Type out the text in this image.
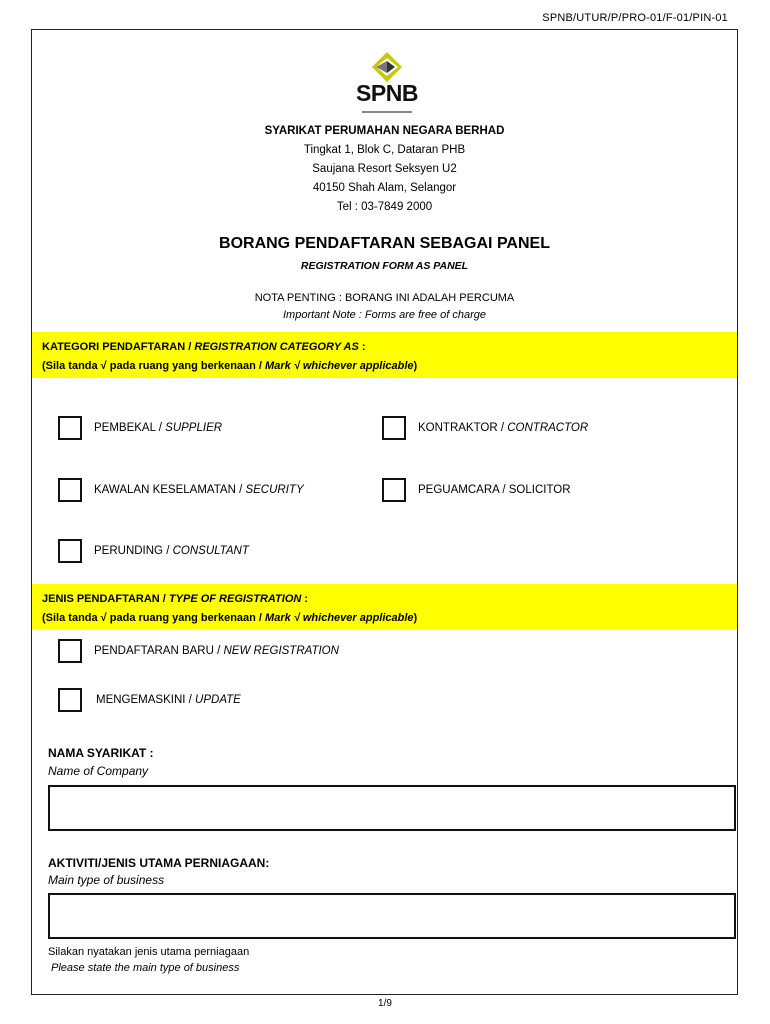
SPNB/UTUR/P/PRO-01/F-01/PIN-01
SPNB
SYARIKAT PERUMAHAN NEGARA BERHAD
Tingkat 1, Blok C, Dataran PHB
Saujana Resort Seksyen U2
40150 Shah Alam, Selangor
Tel : 03-7849 2000
BORANG PENDAFTARAN SEBAGAI PANEL
REGISTRATION FORM AS PANEL
NOTA PENTING : BORANG INI ADALAH PERCUMA
Important Note : Forms are free of charge
KATEGORI PENDAFTARAN / REGISTRATION CATEGORY AS :
(Sila tanda √ pada ruang yang berkenaan / Mark √ whichever applicable)
PEMBEKAL / SUPPLIER	KONTRAKTOR / CONTRACTOR
KAWALAN KESELAMATAN / SECURITY	PEGUAMCARA / SOLICITOR
PERUNDING / CONSULTANT
JENIS PENDAFTARAN / TYPE OF REGISTRATION :
(Sila tanda √ pada ruang yang berkenaan / Mark √ whichever applicable)
PENDAFTARAN BARU / NEW REGISTRATION
MENGEMASKINI / UPDATE
NAMA SYARIKAT :
Name of Company
AKTIVITI/JENIS UTAMA PERNIAGAAN:
Main type of business
Silakan nyatakan jenis utama perniagaan
Please state the main type of business
1/9
